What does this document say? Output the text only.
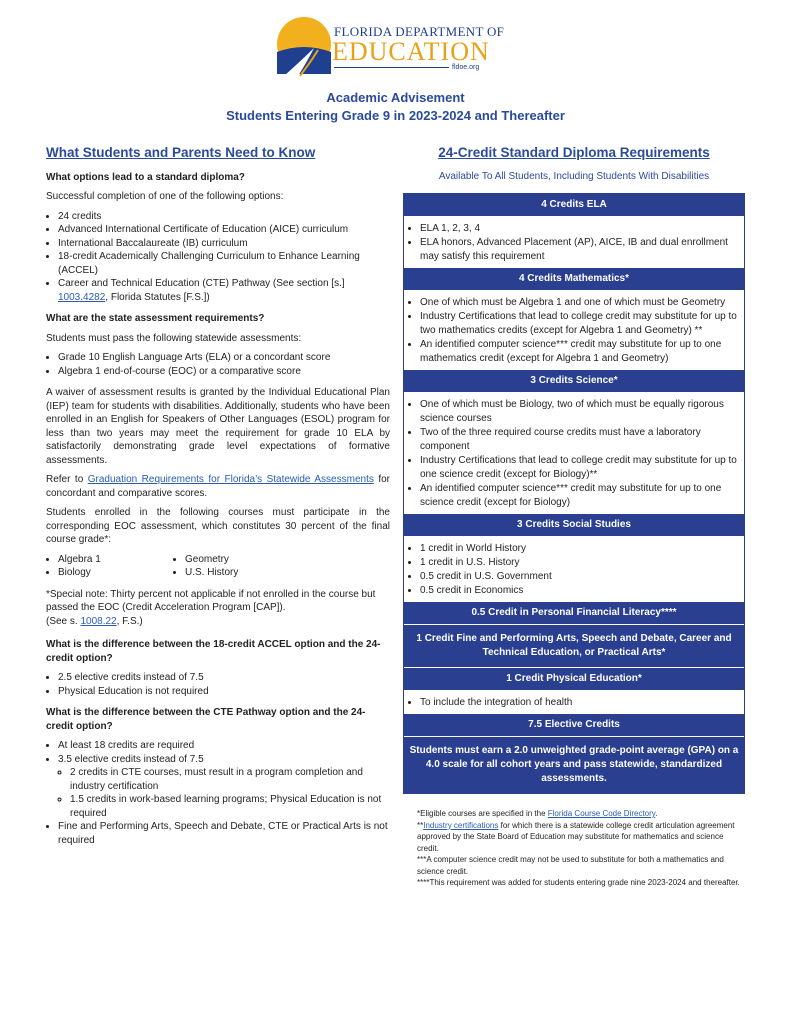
FLORIDA DEPARTMENT OF
EDUCATION
fldoe.org
Academic Advisement
Students Entering Grade 9 in 2023-2024 and Thereafter
What Students and Parents Need to Know
What options lead to a standard diploma?
Successful completion of one of the following options:
• 24 credits
• Advanced International Certificate of Education (AICE) curriculum
• International Baccalaureate (IB) curriculum
• 18-credit Academically Challenging Curriculum to Enhance Learning (ACCEL)
• Career and Technical Education (CTE) Pathway (See section [s.] 1003.4282, Florida Statutes [F.S.])
What are the state assessment requirements?
Students must pass the following statewide assessments:
• Grade 10 English Language Arts (ELA) or a concordant score
• Algebra 1 end-of-course (EOC) or a comparative score
A waiver of assessment results is granted by the Individual Educational Plan (IEP) team for students with disabilities. Additionally, students who have been enrolled in an English for Speakers of Other Languages (ESOL) program for less than two years may meet the requirement for grade 10 ELA by satisfactorily demonstrating grade level expectations of formative assessments.
Refer to Graduation Requirements for Florida’s Statewide Assessments for concordant and comparative scores.
Students enrolled in the following courses must participate in the corresponding EOC assessment, which constitutes 30 percent of the final course grade*:
• Algebra 1
• Biology
• Geometry
• U.S. History
*Special note: Thirty percent not applicable if not enrolled in the course but passed the EOC (Credit Acceleration Program [CAP]).
(See s. 1008.22, F.S.)
What is the difference between the 18-credit ACCEL option and the 24-credit option?
• 2.5 elective credits instead of 7.5
• Physical Education is not required
What is the difference between the CTE Pathway option and the 24-credit option?
• At least 18 credits are required
• 3.5 elective credits instead of 7.5
◦ 2 credits in CTE courses, must result in a program completion and industry certification
◦ 1.5 credits in work-based learning programs; Physical Education is not required
• Fine and Performing Arts, Speech and Debate, CTE or Practical Arts is not required
24-Credit Standard Diploma Requirements
Available To All Students, Including Students With Disabilities
4 Credits ELA
• ELA 1, 2, 3, 4
• ELA honors, Advanced Placement (AP), AICE, IB and dual enrollment may satisfy this requirement
4 Credits Mathematics*
• One of which must be Algebra 1 and one of which must be Geometry
• Industry Certifications that lead to college credit may substitute for up to two mathematics credits (except for Algebra 1 and Geometry) **
• An identified computer science*** credit may substitute for up to one mathematics credit (except for Algebra 1 and Geometry)
3 Credits Science*
• One of which must be Biology, two of which must be equally rigorous science courses
• Two of the three required course credits must have a laboratory component
• Industry Certifications that lead to college credit may substitute for up to one science credit (except for Biology)**
• An identified computer science*** credit may substitute for up to one science credit (except for Biology)
3 Credits Social Studies
• 1 credit in World History
• 1 credit in U.S. History
• 0.5 credit in U.S. Government
• 0.5 credit in Economics
0.5 Credit in Personal Financial Literacy****
1 Credit Fine and Performing Arts, Speech and Debate, Career and Technical Education, or Practical Arts*
1 Credit Physical Education*
• To include the integration of health
7.5 Elective Credits
Students must earn a 2.0 unweighted grade-point average (GPA) on a 4.0 scale for all cohort years and pass statewide, standardized assessments.
*Eligible courses are specified in the Florida Course Code Directory.
**Industry certifications for which there is a statewide college credit articulation agreement approved by the State Board of Education may substitute for mathematics and science credit.
***A computer science credit may not be used to substitute for both a mathematics and science credit.
****This requirement was added for students entering grade nine 2023-2024 and thereafter.
